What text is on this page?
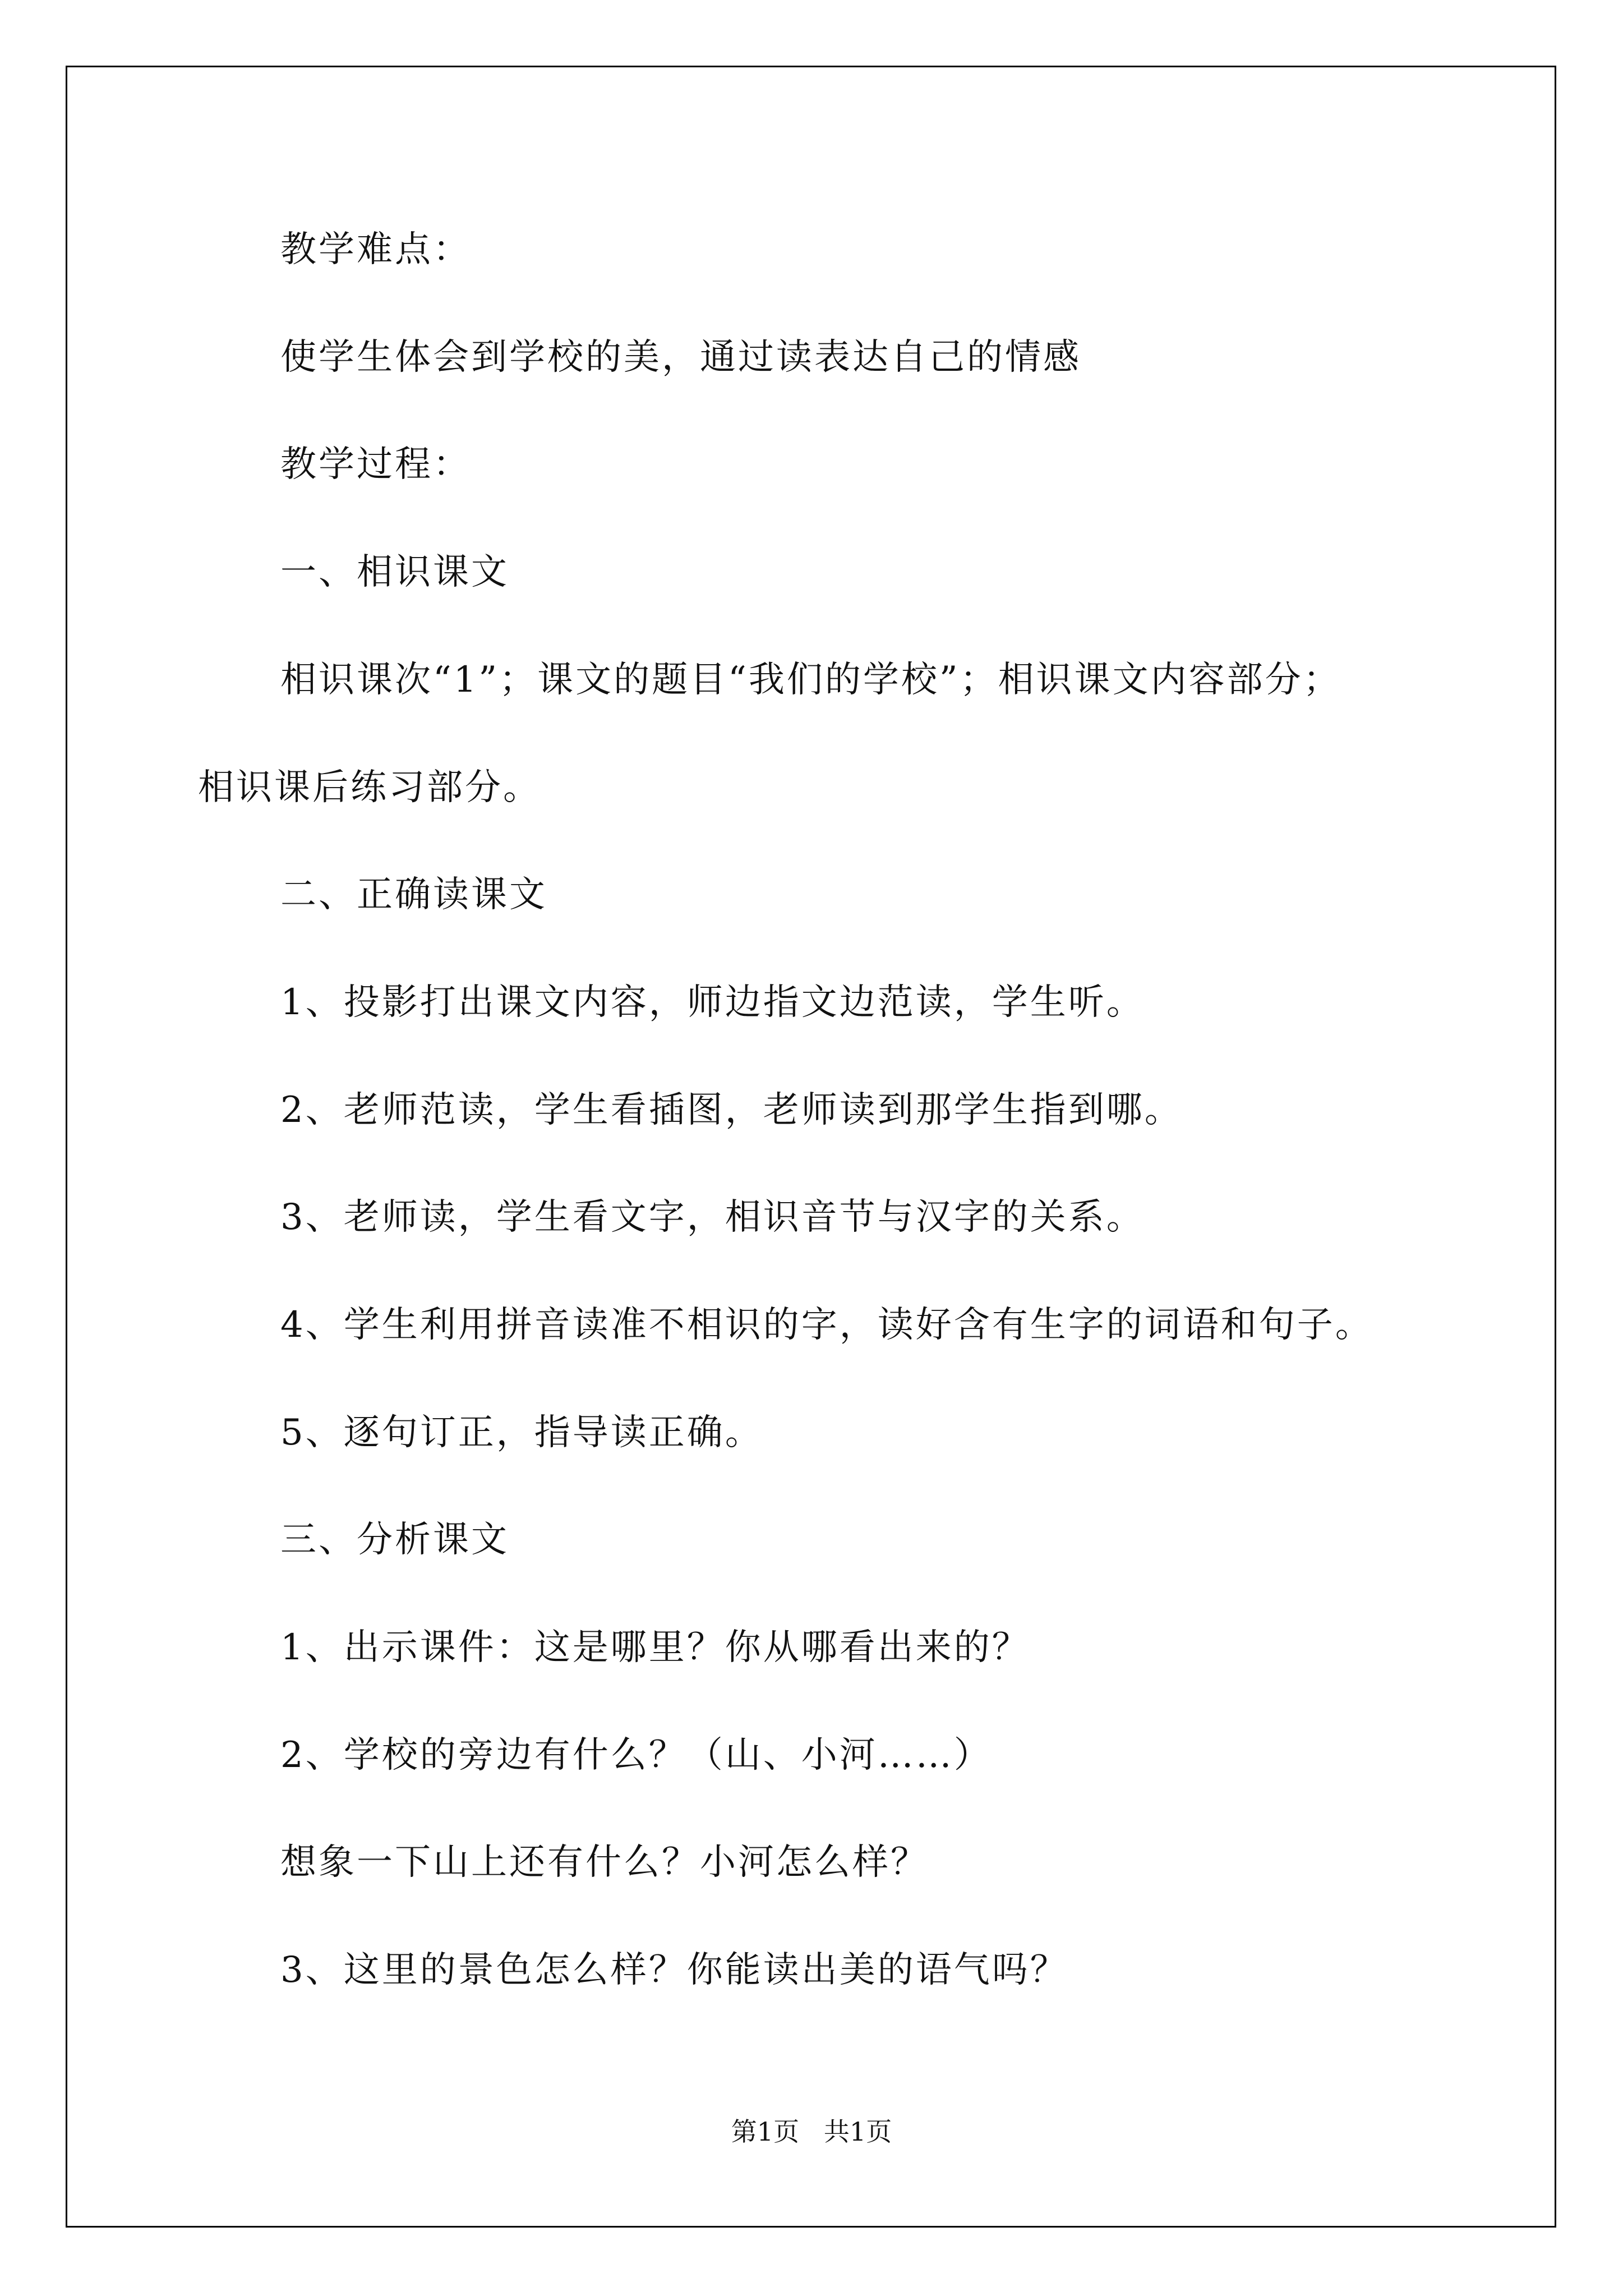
教学难点：
使学生体会到学校的美，通过读表达自己的情感
教学过程：
一、相识课文
相识课次“1”；课文的题目“我们的学校”；相识课文内容部分；
相识课后练习部分。
二、正确读课文
1、投影打出课文内容，师边指文边范读，学生听。
2、老师范读，学生看插图，老师读到那学生指到哪。
3、老师读，学生看文字，相识音节与汉字的关系。
4、学生利用拼音读准不相识的字，读好含有生字的词语和句子。
5、逐句订正，指导读正确。
三、分析课文
1、出示课件：这是哪里？你从哪看出来的？
2、学校的旁边有什么？（山、小河……）
想象一下山上还有什么？小河怎么样？
3、这里的景色怎么样？你能读出美的语气吗？
第1页   共1页
